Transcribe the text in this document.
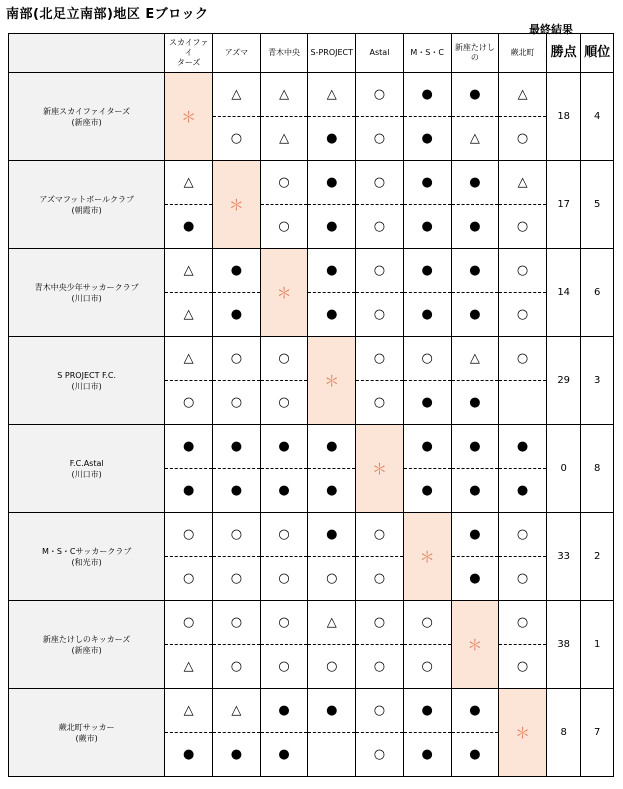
南部(北足立南部)地区 Eブロック
最終結果
	スカイファイ
ターズ	アズマ	青木中央	S-PROJECT	Astal	M・S・C	新座たけしの	蕨北町	勝点	順位

新座スカイファイターズ
(新座市)	＊	△	△	△	○	●	●	△	18	4
		○	△	●	○	●	△	○		

アズマフットボールクラブ
(朝霞市)	△	＊	○	●	○	●	●	△	17	5
	●		○	●	○	●	●	○		

青木中央少年サッカークラブ
(川口市)	△	●	＊	●	○	●	●	○	14	6
	△	●		●	○	●	●	○		

S PROJECT F.C.
(川口市)	△	○	○	＊	○	○	△	○	29	3
	○	○	○		○	●	●			

F.C.Astal
(川口市)	●	●	●	●	＊	●	●	●	0	8
	●	●	●	●		●	●	●		

M・S・Cサッカークラブ
(和光市)	○	○	○	●	○	＊	●	○	33	2
	○	○	○	○	○		●	○		

新座たけしのキッカーズ
(新座市)	○	○	○	△	○	○	＊	○	38	1
	△	○	○	○	○	○		○		

蕨北町サッカー
(蕨市)	△	△	●	●	○	●	●	＊	8	7
	●	●	●		○	●	●			
